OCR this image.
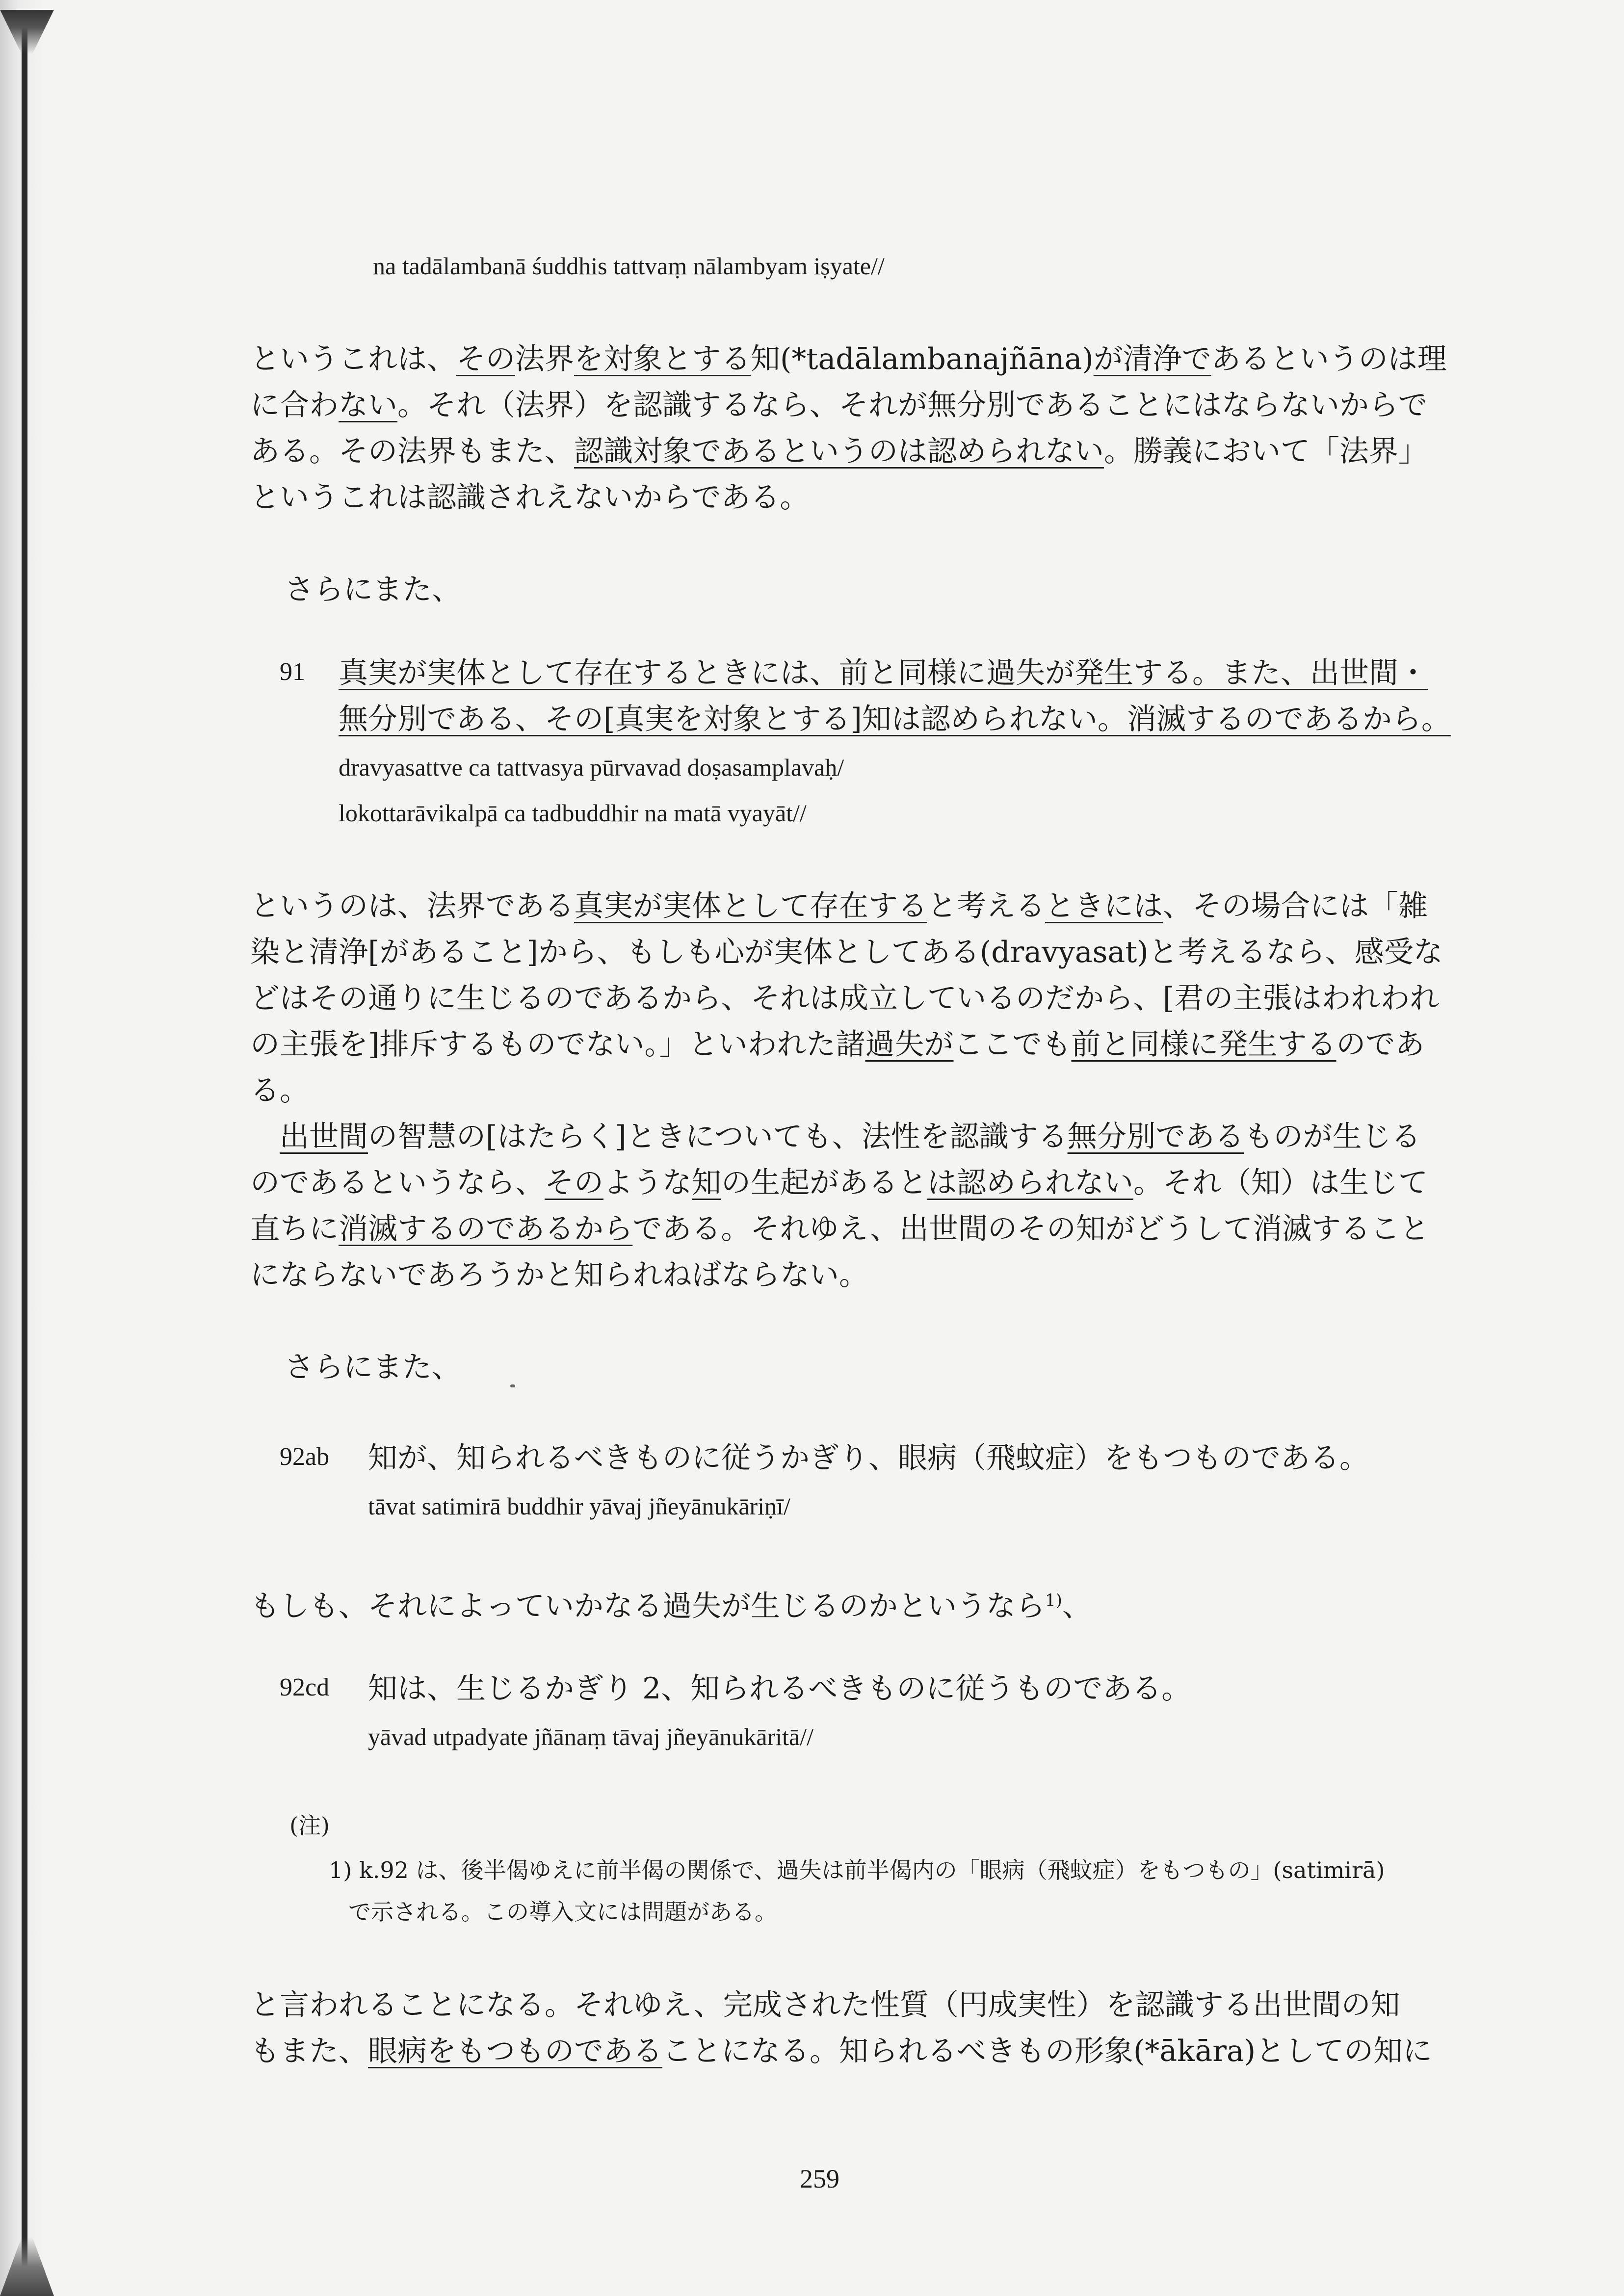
na tadālambanā śuddhis tattvaṃ nālambyam iṣyate//
というこれは、その法界を対象とする知(*tadālambanajñāna)が清浄であるというのは理
に合わない。それ（法界）を認識するなら、それが無分別であることにはならないからで
ある。その法界もまた、認識対象であるというのは認められない。勝義において「法界」
というこれは認識されえないからである。
さらにまた、
91 真実が実体として存在するときには、前と同様に過失が発生する。また、出世間・
無分別である、その[真実を対象とする]知は認められない。消滅するのであるから。
dravyasattve ca tattvasya pūrvavad doṣasamplavaḥ/
lokottarāvikalpā ca tadbuddhir na matā vyayāt//
というのは、法界である真実が実体として存在すると考えるときには、その場合には「雑
染と清浄[があること]から、もしも心が実体としてある(dravyasat)と考えるなら、感受な
どはその通りに生じるのであるから、それは成立しているのだから、[君の主張はわれわれ
の主張を]排斥するものでない。」といわれた諸過失がここでも前と同様に発生するのであ
る。
出世間の智慧の[はたらく]ときについても、法性を認識する無分別であるものが生じる
のであるというなら、そのような知の生起があるとは認められない。それ（知）は生じて
直ちに消滅するのであるからである。それゆえ、出世間のその知がどうして消滅すること
にならないであろうかと知られねばならない。
さらにまた、
92ab 知が、知られるべきものに従うかぎり、眼病（飛蚊症）をもつものである。
tāvat satimirā buddhir yāvaj jñeyānukāriṇī/
もしも、それによっていかなる過失が生じるのかというなら$^{1)}$、
92cd 知は、生じるかぎり 2、知られるべきものに従うものである。
yāvad utpadyate jñānaṃ tāvaj jñeyānukāritā//
(注)
1) k.92 は、後半偈ゆえに前半偈の関係で、過失は前半偈内の「眼病（飛蚊症）をもつもの」(satimirā)
で示される。この導入文には問題がある。
と言われることになる。それゆえ、完成された性質（円成実性）を認識する出世間の知
もまた、眼病をもつものであることになる。知られるべきもの形象(*ākāra)としての知に
259
